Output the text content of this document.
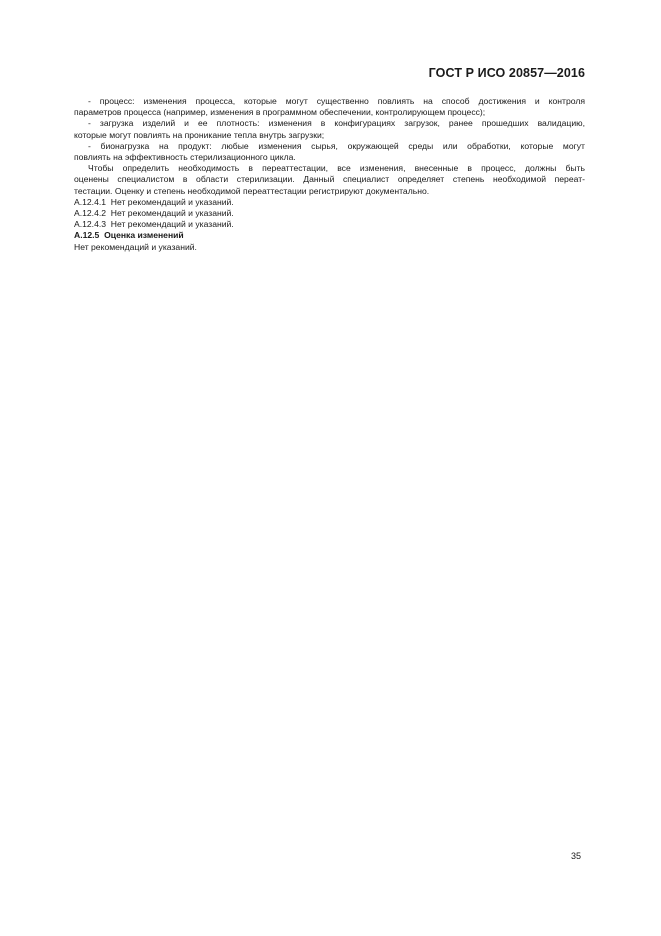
ГОСТ Р ИСО 20857—2016
- процесс: изменения процесса, которые могут существенно повлиять на способ достижения и контроля
параметров процесса (например, изменения в программном обеспечении, контролирующем процесс);
- загрузка изделий и ее плотность: изменения в конфигурациях загрузок, ранее прошедших валидацию,
которые могут повлиять на проникание тепла внутрь загрузки;
- бионагрузка на продукт: любые изменения сырья, окружающей среды или обработки, которые могут
повлиять на эффективность стерилизационного цикла.
Чтобы определить необходимость в переаттестации, все изменения, внесенные в процесс, должны быть
оценены специалистом в области стерилизации. Данный специалист определяет степень необходимой переат-
тестации. Оценку и степень необходимой переаттестации регистрируют документально.
А.12.4.1  Нет рекомендаций и указаний.
А.12.4.2  Нет рекомендаций и указаний.
А.12.4.3  Нет рекомендаций и указаний.
А.12.5 Оценка изменений
Нет рекомендаций и указаний.
35
